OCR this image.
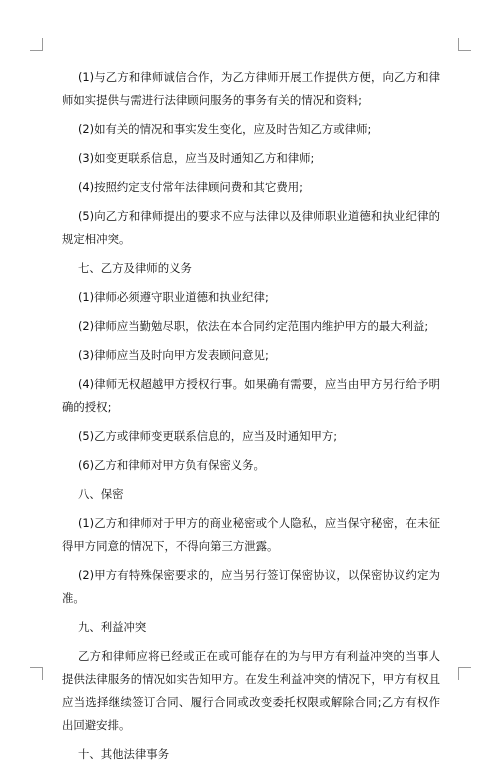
(1)与乙方和律师诚信合作，为乙方律师开展工作提供方便，向乙方和律师如实提供与需进行法律顾问服务的事务有关的情况和资料;

(2)如有关的情况和事实发生变化，应及时告知乙方或律师;

(3)如变更联系信息，应当及时通知乙方和律师;

(4)按照约定支付常年法律顾问费和其它费用;

(5)向乙方和律师提出的要求不应与法律以及律师职业道德和执业纪律的规定相冲突。

七、乙方及律师的义务

(1)律师必须遵守职业道德和执业纪律;

(2)律师应当勤勉尽职，依法在本合同约定范围内维护甲方的最大利益;

(3)律师应当及时向甲方发表顾问意见;

(4)律师无权超越甲方授权行事。如果确有需要，应当由甲方另行给予明确的授权;

(5)乙方或律师变更联系信息的，应当及时通知甲方;

(6)乙方和律师对甲方负有保密义务。

八、保密

(1)乙方和律师对于甲方的商业秘密或个人隐私，应当保守秘密，在未征得甲方同意的情况下，不得向第三方泄露。

(2)甲方有特殊保密要求的，应当另行签订保密协议，以保密协议约定为准。

九、利益冲突

乙方和律师应将已经或正在或可能存在的为与甲方有利益冲突的当事人提供法律服务的情况如实告知甲方。在发生利益冲突的情况下，甲方有权且应当选择继续签订合同、履行合同或改变委托权限或解除合同;乙方有权作出回避安排。

十、其他法律事务
